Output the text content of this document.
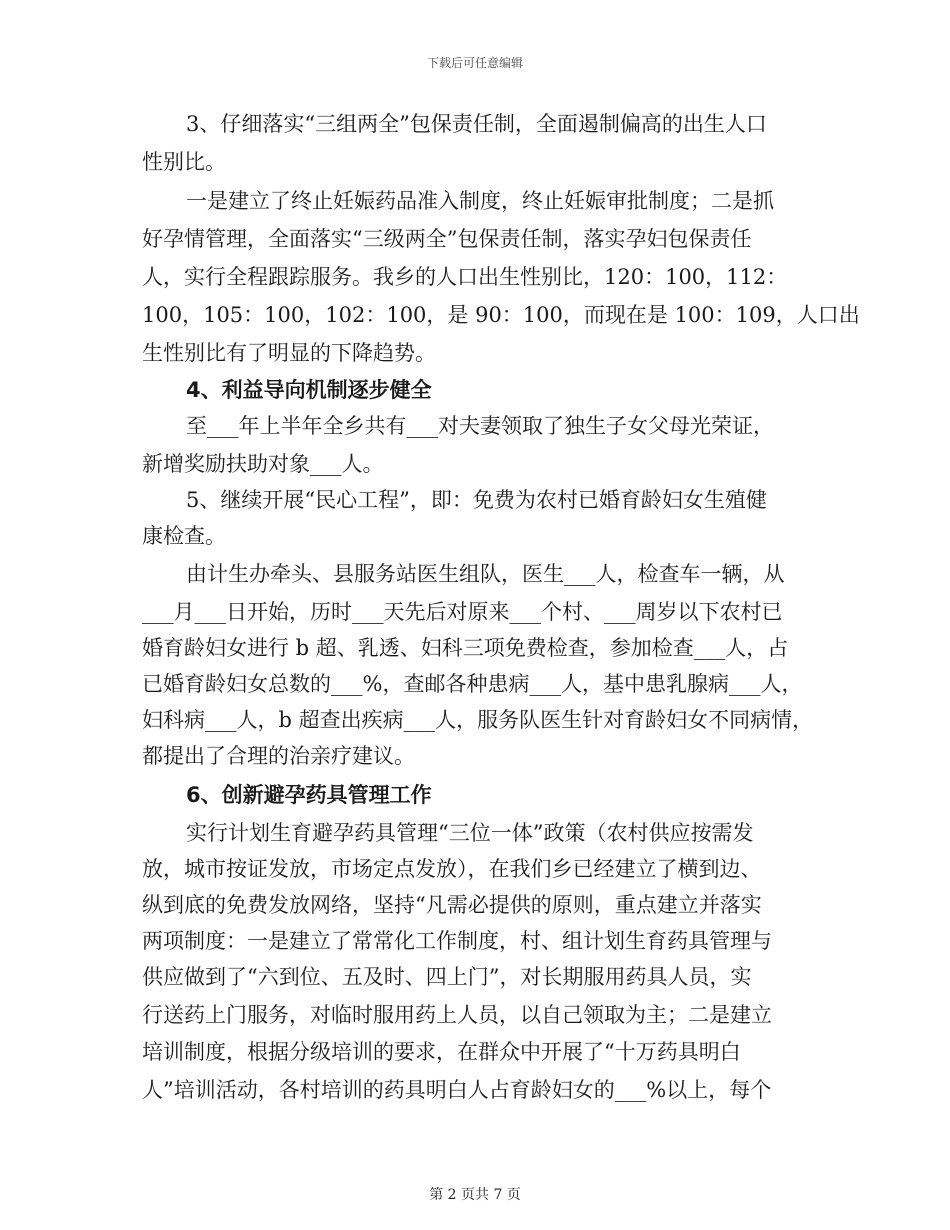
下载后可任意编辑
3、仔细落实“三组两全”包保责任制，全面遏制偏高的出生人口
性别比。
一是建立了终止妊娠药品准入制度，终止妊娠审批制度；二是抓
好孕情管理，全面落实“三级两全”包保责任制，落实孕妇包保责任
人，实行全程跟踪服务。我乡的人口出生性别比，120：100，112：
100，105：100，102：100，是 90：100，而现在是 100：109，人口出
生性别比有了明显的下降趋势。
4、利益导向机制逐步健全
至___年上半年全乡共有___对夫妻领取了独生子女父母光荣证，
新增奖励扶助对象___人。
5、继续开展“民心工程”，即：免费为农村已婚育龄妇女生殖健
康检查。
由计生办牵头、县服务站医生组队，医生___人，检查车一辆，从
___月___日开始，历时___天先后对原来___个村、___周岁以下农村已
婚育龄妇女进行 b 超、乳透、妇科三项免费检查，参加检查___人，占
已婚育龄妇女总数的___%，查邮各种患病___人，基中患乳腺病___人，
妇科病___人，b 超查出疾病___人，服务队医生针对育龄妇女不同病情，
都提出了合理的治亲疗建议。
6、创新避孕药具管理工作
实行计划生育避孕药具管理“三位一体”政策（农村供应按需发
放，城市按证发放，市场定点发放），在我们乡已经建立了横到边、
纵到底的免费发放网络，坚持“凡需必提供的原则，重点建立并落实
两项制度：一是建立了常常化工作制度，村、组计划生育药具管理与
供应做到了“六到位、五及时、四上门”，对长期服用药具人员，实
行送药上门服务，对临时服用药上人员，以自己领取为主；二是建立
培训制度，根据分级培训的要求，在群众中开展了“十万药具明白
人”培训活动，各村培训的药具明白人占育龄妇女的___%以上，每个
第 2 页共 7 页
